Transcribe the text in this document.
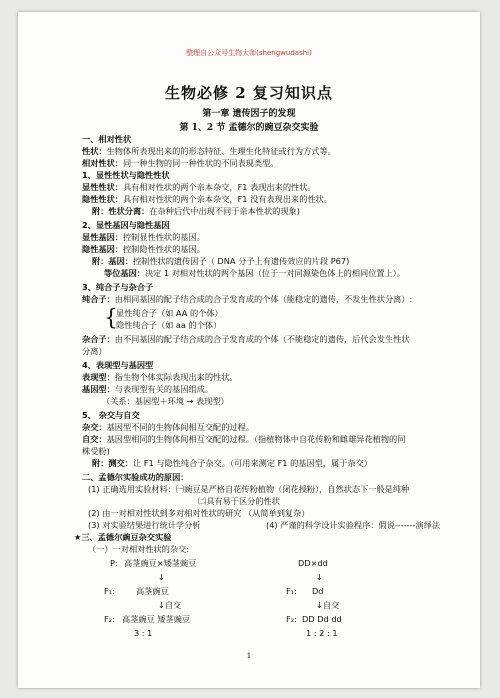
整理自公众号生物大师(shengwudashi)
生物必修 2 复习知识点
第一章 遗传因子的发现
第 1、2 节 孟德尔的豌豆杂交实验
一、相对性状
性状：生物体所表现出来的的形态特征、生理生化特征或行为方式等。
相对性状：同一种生物的同一种性状的不同表现类型。
1、显性性状与隐性性状
显性性状：具有相对性状的两个亲本杂交，F1 表现出来的性状。
隐性性状：具有相对性状的两个亲本杂交，F1 没有表现出来的性状。
附：性状分离：在杂种后代中出现不同于亲本性状的现象)
2、显性基因与隐性基因
显性基因：控制显性性状的基因。
隐性基因：控制隐性性状的基因。
附：基因：控制性状的遗传因子（ DNA 分子上有遗传效应的片段 P67)
等位基因：决定 1 对相对性状的两个基因（位于一对同源染色体上的相同位置上）。
3、纯合子与杂合子
纯合子：由相同基因的配子结合成的合子发育成的个体（能稳定的遗传，不发生性状分离）:
{
显性纯合子（如 AA 的个体）
隐性纯合子（如 aa 的个体）
杂合子：由不同基因的配子结合成的合子发育成的个体（不能稳定的遗传，后代会发生性状
分离）
4、表现型与基因型
表现型：指生物个体实际表现出来的性状。
基因型：与表现型有关的基因组成。
（关系：基因型＋环境 → 表现型）
5、 杂交与自交
杂交：基因型不同的生物体间相互交配的过程。
自交：基因型相同的生物体间相互交配的过程。（指植物体中自花传粉和雌雄异花植物的同
株受粉)
附：测交：让 F1 与隐性纯合子杂交。（可用来测定 F1 的基因型，属于杂交）
二、孟德尔实验成功的原因：
(1) 正确选用实验材料：㈠豌豆是严格自花传粉植物（闭花授粉），自然状态下一般是纯种
㈡具有易于区分的性状
(2) 由一对相对性状到多对相对性状的研究 （从简单到复杂）
(3) 对实验结果进行统计学分析	(4) 严谨的科学设计实验程序：假说-------演绎法
★三、孟德尔豌豆杂交实验
（一）一对相对性状的杂交:
P: 高茎豌豆×矮茎豌豆
↓
F₁:	高茎豌豆
↓自交
F₂: 高茎豌豆 矮茎豌豆
3 : 1
DD×dd
↓
F₁: Dd
↓自交
F₂: DD Dd dd
1 : 2 : 1
1
